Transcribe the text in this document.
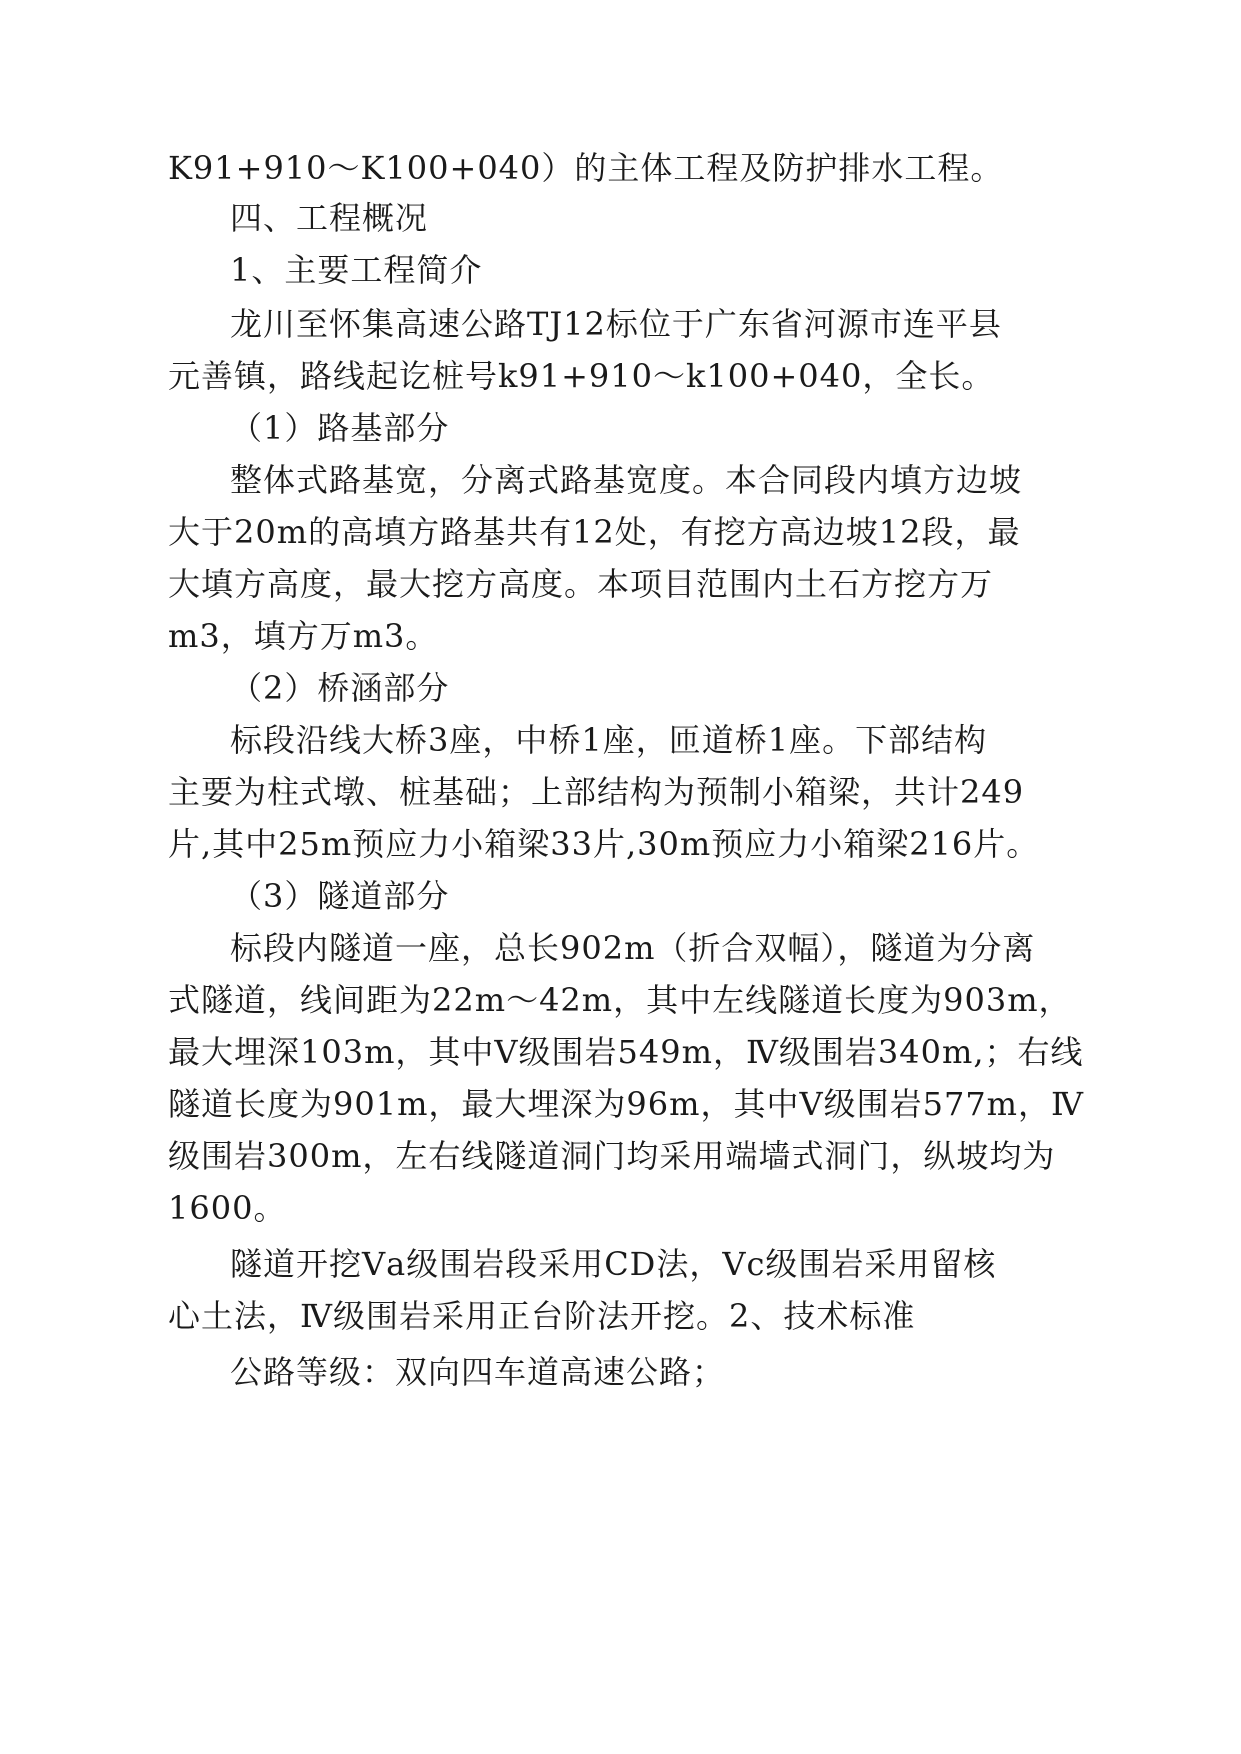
K91+910～K100+040）的主体工程及防护排水工程。
四、工程概况
1、主要工程简介
龙川至怀集高速公路TJ12标位于广东省河源市连平县
元善镇，路线起讫桩号k91+910～k100+040，全长。
（1）路基部分
整体式路基宽，分离式路基宽度。本合同段内填方边坡
大于20m的高填方路基共有12处，有挖方高边坡12段，最
大填方高度，最大挖方高度。本项目范围内土石方挖方万
m3，填方万m3。
（2）桥涵部分
标段沿线大桥3座，中桥1座，匝道桥1座。下部结构
主要为柱式墩、桩基础；上部结构为预制小箱梁，共计249
片,其中25m预应力小箱梁33片,30m预应力小箱梁216片。
（3）隧道部分
标段内隧道一座，总长902m（折合双幅），隧道为分离
式隧道，线间距为22m～42m，其中左线隧道长度为903m，
最大埋深103m，其中Ⅴ级围岩549m，Ⅳ级围岩340m,；右线
隧道长度为901m，最大埋深为96m，其中Ⅴ级围岩577m，Ⅳ
级围岩300m，左右线隧道洞门均采用端墙式洞门，纵坡均为
1600。
隧道开挖Ⅴa级围岩段采用CD法，Ⅴc级围岩采用留核
心土法，Ⅳ级围岩采用正台阶法开挖。2、技术标准
公路等级：双向四车道高速公路；
